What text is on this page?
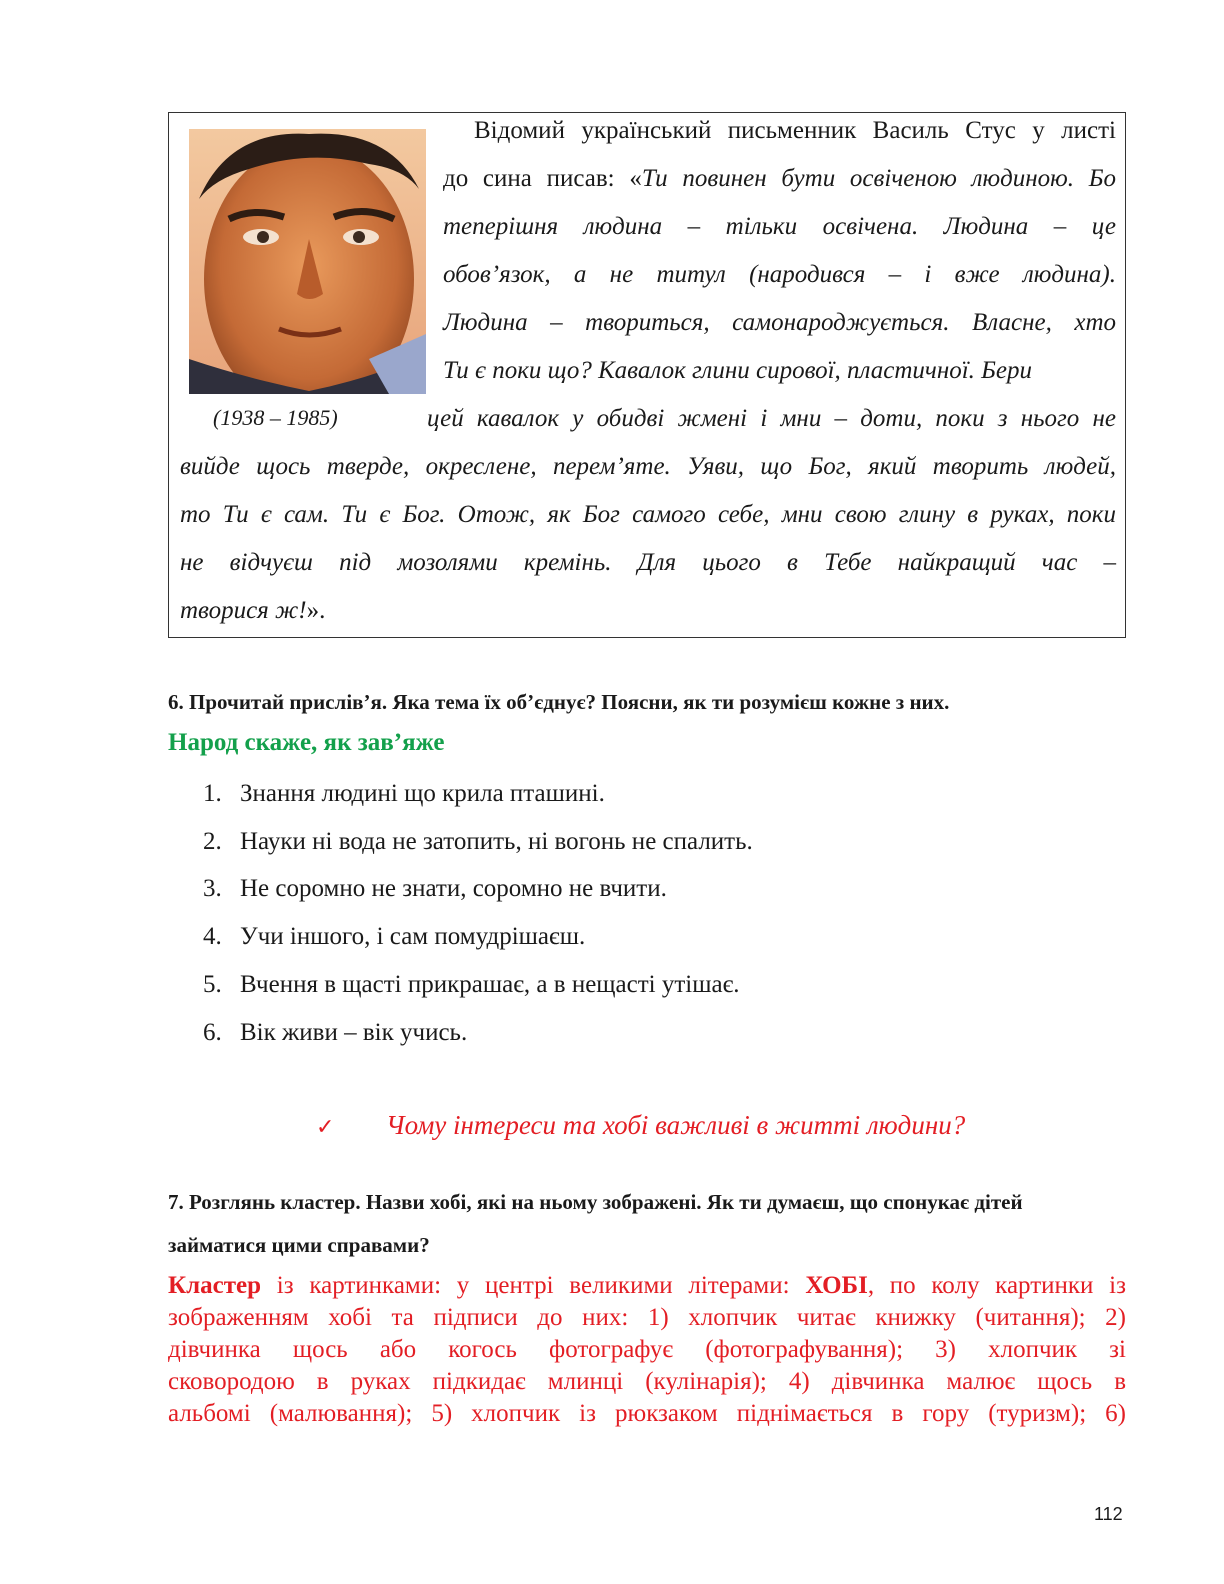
Відомий український письменник Василь Стус у листі
до сина писав: «Ти повинен бути освіченою людиною. Бо
теперішня людина – тільки освічена. Людина – це
обов’язок, а не титул (народився – і вже людина).
Людина – твориться, самонароджується. Власне, хто
Ти є поки що? Кавалок глини сирової, пластичної. Бери
(1938 – 1985)	цей кавалок у обидві жмені і мни – доти, поки з нього не
вийде щось тверде, окреслене, перем’яте. Уяви, що Бог, який творить людей,
то Ти є сам. Ти є Бог. Отож, як Бог самого себе, мни свою глину в руках, поки
не відчуєш під мозолями кремінь. Для цього в Тебе найкращий час –
творися ж!».
6. Прочитай прислів’я. Яка тема їх об’єднує? Поясни, як ти розумієш кожне з них.
Народ скаже, як зав’яже
1. Знання людині що крила пташині.
2. Науки ні вода не затопить, ні вогонь не спалить.
3. Не соромно не знати, соромно не вчити.
4. Учи іншого, і сам помудрішаєш.
5. Вчення в щасті прикрашає, а в нещасті утішає.
6. Вік живи – вік учись.
✓ Чому інтереси та хобі важливі в житті людини?
7. Розглянь кластер. Назви хобі, які на ньому зображені. Як ти думаєш, що спонукає дітей
займатися цими справами?
Кластер із картинками: у центрі великими літерами: ХОБІ, по колу картинки із
зображенням хобі та підписи до них: 1) хлопчик читає книжку (читання); 2)
дівчинка щось або когось фотографує (фотографування); 3) хлопчик зі
сковородою в руках підкидає млинці (кулінарія); 4) дівчинка малює щось в
альбомі (малювання); 5) хлопчик із рюкзаком піднімається в гору (туризм); 6)
112
